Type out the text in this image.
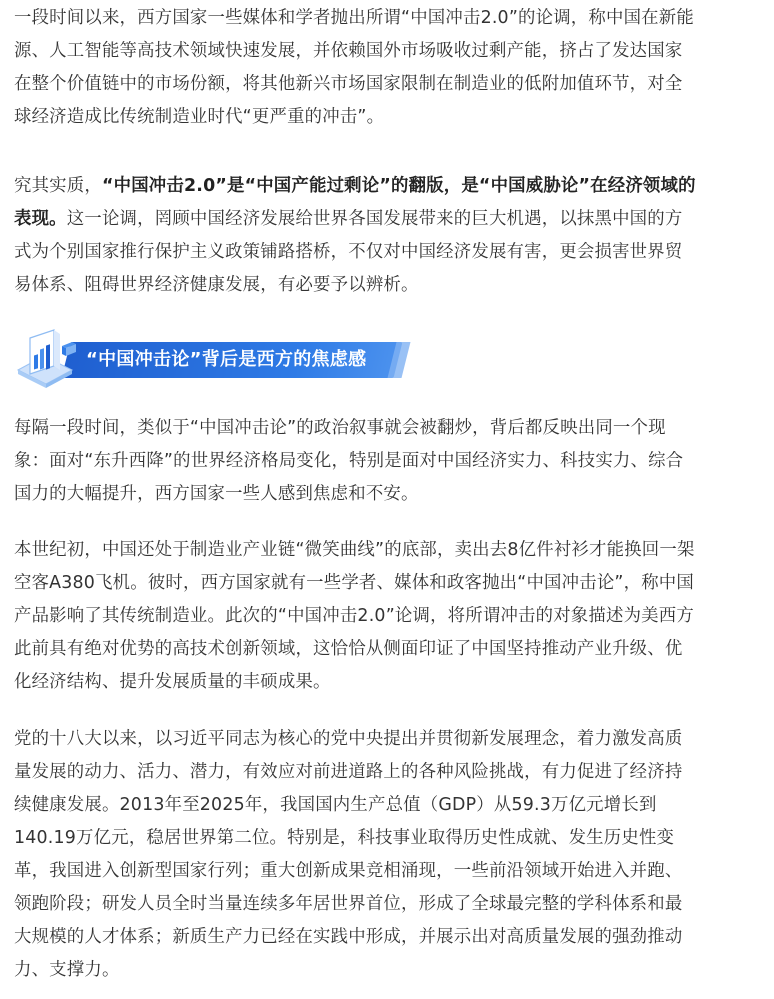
一段时间以来，西方国家一些媒体和学者抛出所谓“中国冲击2.0”的论调，称中国在新能
源、人工智能等高技术领域快速发展，并依赖国外市场吸收过剩产能，挤占了发达国家
在整个价值链中的市场份额，将其他新兴市场国家限制在制造业的低附加值环节，对全
球经济造成比传统制造业时代“更严重的冲击”。
究其实质，“中国冲击2.0”是“中国产能过剩论”的翻版，是“中国威胁论”在经济领域的
表现。这一论调，罔顾中国经济发展给世界各国发展带来的巨大机遇，以抹黑中国的方
式为个别国家推行保护主义政策铺路搭桥，不仅对中国经济发展有害，更会损害世界贸
易体系、阻碍世界经济健康发展，有必要予以辨析。
“中国冲击论”背后是西方的焦虑感
每隔一段时间，类似于“中国冲击论”的政治叙事就会被翻炒，背后都反映出同一个现
象：面对“东升西降”的世界经济格局变化，特别是面对中国经济实力、科技实力、综合
国力的大幅提升，西方国家一些人感到焦虑和不安。
本世纪初，中国还处于制造业产业链“微笑曲线”的底部，卖出去8亿件衬衫才能换回一架
空客A380飞机。彼时，西方国家就有一些学者、媒体和政客抛出“中国冲击论”，称中国
产品影响了其传统制造业。此次的“中国冲击2.0”论调，将所谓冲击的对象描述为美西方
此前具有绝对优势的高技术创新领域，这恰恰从侧面印证了中国坚持推动产业升级、优
化经济结构、提升发展质量的丰硕成果。
党的十八大以来，以习近平同志为核心的党中央提出并贯彻新发展理念，着力激发高质
量发展的动力、活力、潜力，有效应对前进道路上的各种风险挑战，有力促进了经济持
续健康发展。2013年至2025年，我国国内生产总值（GDP）从59.3万亿元增长到
140.19万亿元，稳居世界第二位。特别是，科技事业取得历史性成就、发生历史性变
革，我国进入创新型国家行列；重大创新成果竞相涌现，一些前沿领域开始进入并跑、
领跑阶段；研发人员全时当量连续多年居世界首位，形成了全球最完整的学科体系和最
大规模的人才体系；新质生产力已经在实践中形成，并展示出对高质量发展的强劲推动
力、支撑力。
